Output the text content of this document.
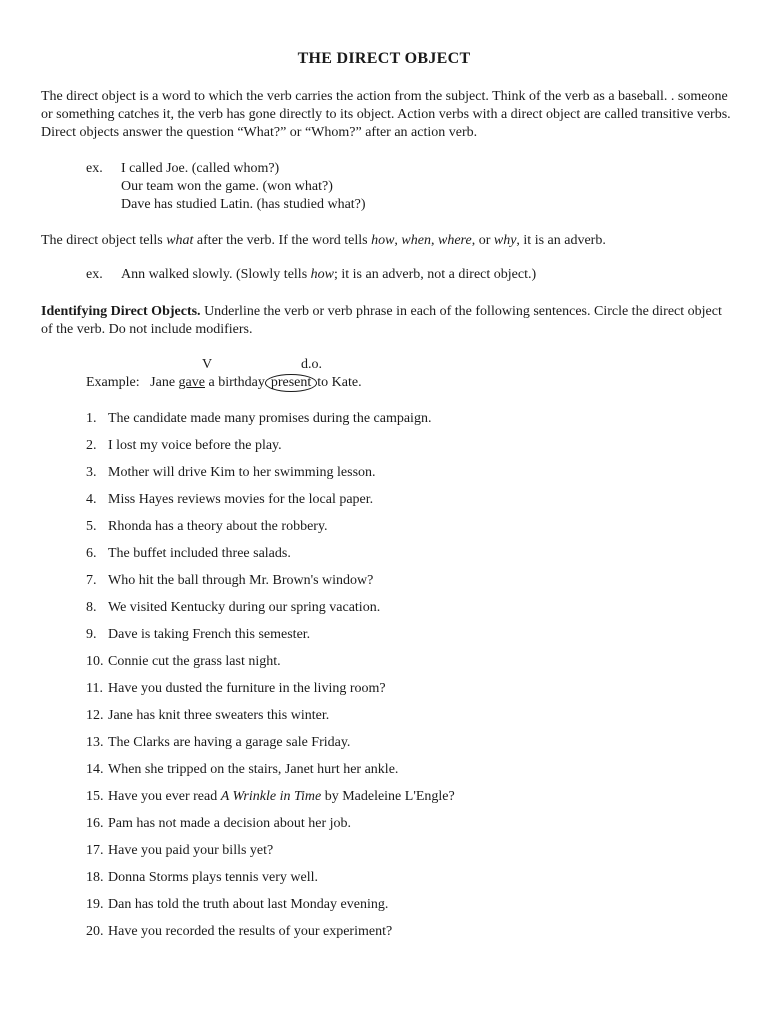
THE DIRECT OBJECT
The direct object is a word to which the verb carries the action from the subject. Think of the verb as a baseball. . someone or something catches it, the verb has gone directly to its object. Action verbs with a direct object are called transitive verbs. Direct objects answer the question “What?” or “Whom?” after an action verb.
ex.	I called Joe. (called whom?)
Our team won the game. (won what?)
Dave has studied Latin. (has studied what?)
The direct object tells what after the verb. If the word tells how, when, where, or why, it is an adverb.
ex.	Ann walked slowly. (Slowly tells how; it is an adverb, not a direct object.)
Identifying Direct Objects. Underline the verb or verb phrase in each of the following sentences. Circle the direct object of the verb. Do not include modifiers.
V	d.o.
Example: Jane gave a birthday present to Kate.
1. The candidate made many promises during the campaign.
2. I lost my voice before the play.
3. Mother will drive Kim to her swimming lesson.
4. Miss Hayes reviews movies for the local paper.
5. Rhonda has a theory about the robbery.
6. The buffet included three salads.
7. Who hit the ball through Mr. Brown's window?
8. We visited Kentucky during our spring vacation.
9. Dave is taking French this semester.
10. Connie cut the grass last night.
11. Have you dusted the furniture in the living room?
12. Jane has knit three sweaters this winter.
13. The Clarks are having a garage sale Friday.
14. When she tripped on the stairs, Janet hurt her ankle.
15. Have you ever read A Wrinkle in Time by Madeleine L'Engle?
16. Pam has not made a decision about her job.
17. Have you paid your bills yet?
18. Donna Storms plays tennis very well.
19. Dan has told the truth about last Monday evening.
20. Have you recorded the results of your experiment?
